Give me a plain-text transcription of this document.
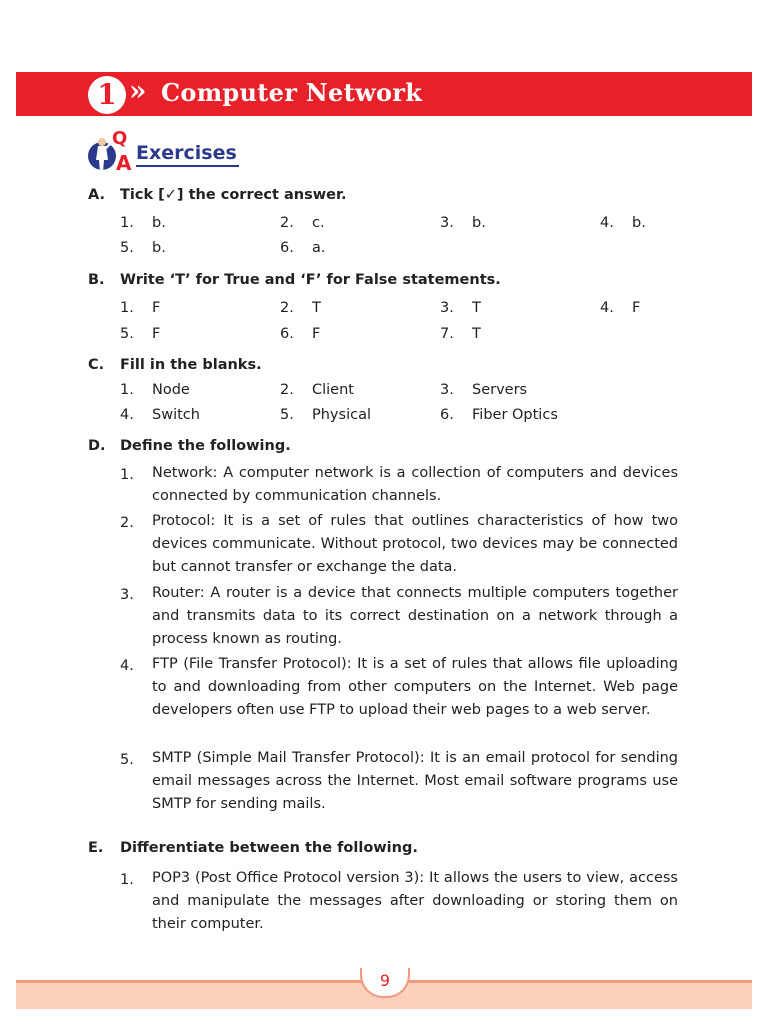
1 » Computer Network
Q
A Exercises
A. Tick [✓] the correct answer.
1. b.	2. c.	3. b.	4. b.
5. b.	6. a.
B. Write ‘T’ for True and ‘F’ for False statements.
1. F	2. T	3. T	4. F
5. F	6. F	7. T
C. Fill in the blanks.
1. Node	2. Client	3. Servers
4. Switch	5. Physical	6. Fiber Optics
D. Define the following.
1. Network: A computer network is a collection of computers and devices connected by communication channels.
2. Protocol: It is a set of rules that outlines characteristics of how two devices communicate. Without protocol, two devices may be connected but cannot transfer or exchange the data.
3. Router: A router is a device that connects multiple computers together and transmits data to its correct destination on a network through a process known as routing.
4. FTP (File Transfer Protocol): It is a set of rules that allows file uploading to and downloading from other computers on the Internet. Web page developers often use FTP to upload their web pages to a web server.
5. SMTP (Simple Mail Transfer Protocol): It is an email protocol for sending email messages across the Internet. Most email software programs use SMTP for sending mails.
E. Differentiate between the following.
1. POP3 (Post Office Protocol version 3): It allows the users to view, access and manipulate the messages after downloading or storing them on their computer.
9
